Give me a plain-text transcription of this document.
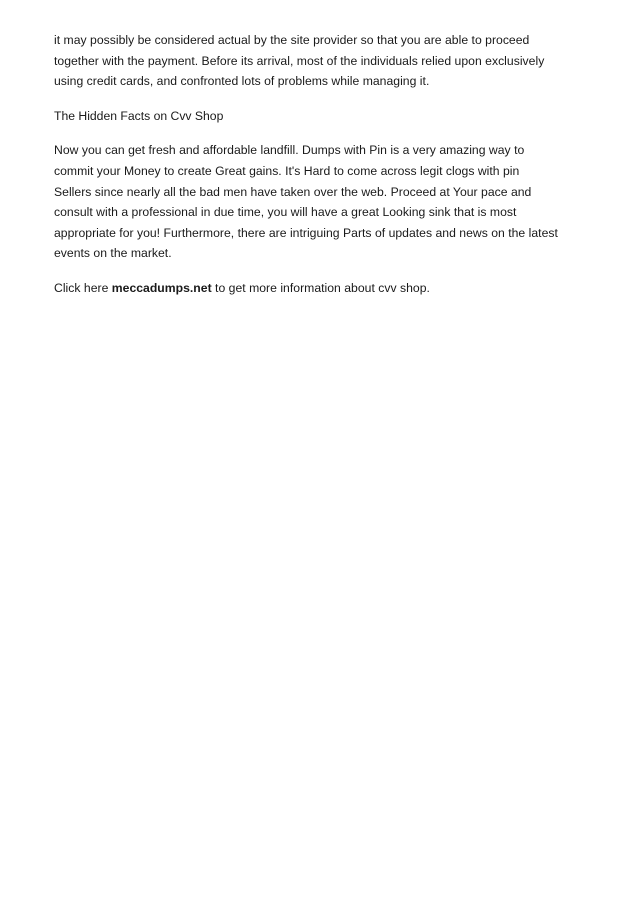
it may possibly be considered actual by the site provider so that you are able to proceed
together with the payment. Before its arrival, most of the individuals relied upon exclusively
using credit cards, and confronted lots of problems while managing it.

The Hidden Facts on Cvv Shop

Now you can get fresh and affordable landfill. Dumps with Pin is a very amazing way to
commit your Money to create Great gains. It's Hard to come across legit clogs with pin
Sellers since nearly all the bad men have taken over the web. Proceed at Your pace and
consult with a professional in due time, you will have a great Looking sink that is most
appropriate for you! Furthermore, there are intriguing Parts of updates and news on the latest
events on the market.

Click here meccadumps.net to get more information about cvv shop.
